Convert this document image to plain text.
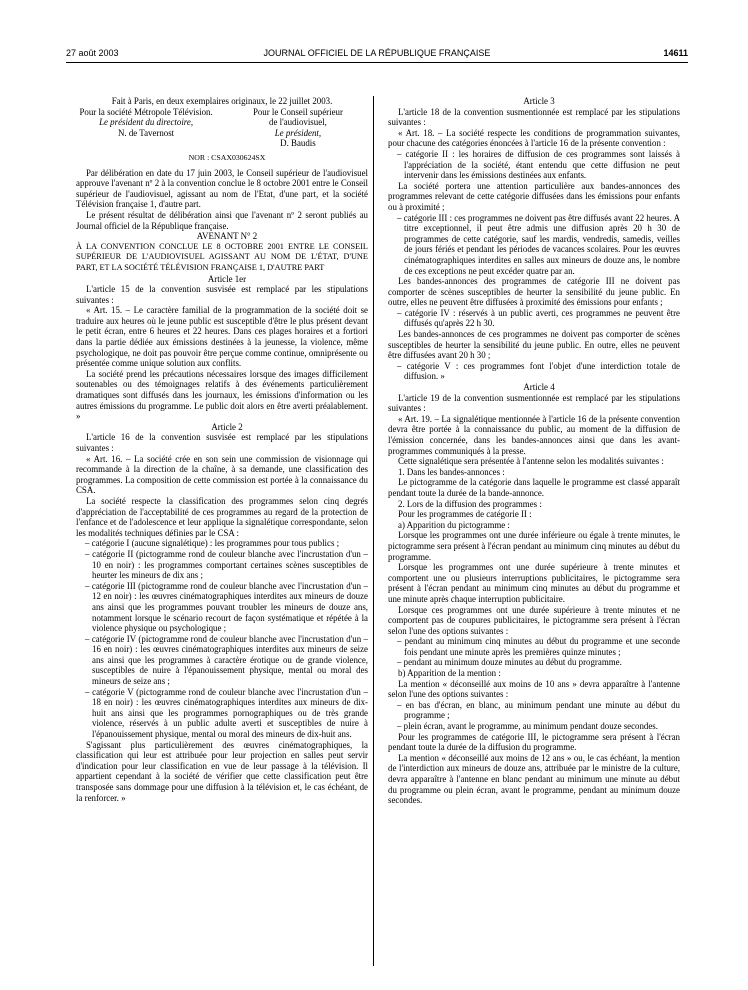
27 août 2003	JOURNAL OFFICIEL DE LA RÉPUBLIQUE FRANÇAISE	14611

Fait à Paris, en deux exemplaires originaux, le 22 juillet 2003.

Pour la société Métropole Télévision.
Le président du directoire,
N. de Tavernost
Pour le Conseil supérieur
de l'audiovisuel,
Le président,
D. Baudis

NOR : CSAX030624SX

Par délibération en date du 17 juin 2003, le Conseil supérieur de l'audiovisuel approuve l'avenant nº 2 à la convention conclue le 8 octobre 2001 entre le Conseil supérieur de l'audiovisuel, agissant au nom de l'Etat, d'une part, et la société Télévision française 1, d'autre part.

Le présent résultat de délibération ainsi que l'avenant nº 2 seront publiés au Journal officiel de la République française.

AVENANT N° 2

À LA CONVENTION CONCLUE LE 8 OCTOBRE 2001 ENTRE LE CONSEIL SUPÉRIEUR DE L'AUDIOVISUEL AGISSANT AU NOM DE L'ÉTAT, D'UNE PART, ET LA SOCIÉTÉ TÉLÉVISION FRANÇAISE 1, D'AUTRE PART

Article 1er

L'article 15 de la convention susvisée est remplacé par les stipulations suivantes :

« Art. 15. – Le caractère familial de la programmation de la société doit se traduire aux heures où le jeune public est susceptible d'être le plus présent devant le petit écran, entre 6 heures et 22 heures. Dans ces plages horaires et a fortiori dans la partie dédiée aux émissions destinées à la jeunesse, la violence, même psychologique, ne doit pas pouvoir être perçue comme continue, omniprésente ou présentée comme unique solution aux conflits.

La société prend les précautions nécessaires lorsque des images difficilement soutenables ou des témoignages relatifs à des événements particulièrement dramatiques sont diffusés dans les journaux, les émissions d'information ou les autres émissions du programme. Le public doit alors en être averti préalablement. »

Article 2

L'article 16 de la convention susvisée est remplacé par les stipulations suivantes :

« Art. 16. – La société crée en son sein une commission de visionnage qui recommande à la direction de la chaîne, à sa demande, une classification des programmes. La composition de cette commission est portée à la connaissance du CSA.

La société respecte la classification des programmes selon cinq degrés d'appréciation de l'acceptabilité de ces programmes au regard de la protection de l'enfance et de l'adolescence et leur applique la signalétique correspondante, selon les modalités techniques définies par le CSA :

– catégorie I (aucune signalétique) : les programmes pour tous publics ;

– catégorie II (pictogramme rond de couleur blanche avec l'incrustation d'un – 10 en noir) : les programmes comportant certaines scènes susceptibles de heurter les mineurs de dix ans ;

– catégorie III (pictogramme rond de couleur blanche avec l'incrustation d'un – 12 en noir) : les œuvres cinématographiques interdites aux mineurs de douze ans ainsi que les programmes pouvant troubler les mineurs de douze ans, notamment lorsque le scénario recourt de façon systématique et répétée à la violence physique ou psychologique ;

– catégorie IV (pictogramme rond de couleur blanche avec l'incrustation d'un – 16 en noir) : les œuvres cinématographiques interdites aux mineurs de seize ans ainsi que les programmes à caractère érotique ou de grande violence, susceptibles de nuire à l'épanouissement physique, mental ou moral des mineurs de seize ans ;

– catégorie V (pictogramme rond de couleur blanche avec l'incrustation d'un – 18 en noir) : les œuvres cinématographiques interdites aux mineurs de dix-huit ans ainsi que les programmes pornographiques ou de très grande violence, réservés à un public adulte averti et susceptibles de nuire à l'épanouissement physique, mental ou moral des mineurs de dix-huit ans.

S'agissant plus particulièrement des œuvres cinématographiques, la classification qui leur est attribuée pour leur projection en salles peut servir d'indication pour leur classification en vue de leur passage à la télévision. Il appartient cependant à la société de vérifier que cette classification peut être transposée sans dommage pour une diffusion à la télévision et, le cas échéant, de la renforcer. »

Article 3

L'article 18 de la convention susmentionnée est remplacé par les stipulations suivantes :

« Art. 18. – La société respecte les conditions de programmation suivantes, pour chacune des catégories énoncées à l'article 16 de la présente convention :

– catégorie II : les horaires de diffusion de ces programmes sont laissés à l'appréciation de la société, étant entendu que cette diffusion ne peut intervenir dans les émissions destinées aux enfants.

La société portera une attention particulière aux bandes-annonces des programmes relevant de cette catégorie diffusées dans les émissions pour enfants ou à proximité ;

– catégorie III : ces programmes ne doivent pas être diffusés avant 22 heures. A titre exceptionnel, il peut être admis une diffusion après 20 h 30 de programmes de cette catégorie, sauf les mardis, vendredis, samedis, veilles de jours fériés et pendant les périodes de vacances scolaires. Pour les œuvres cinématographiques interdites en salles aux mineurs de douze ans, le nombre de ces exceptions ne peut excéder quatre par an.

Les bandes-annonces des programmes de catégorie III ne doivent pas comporter de scènes susceptibles de heurter la sensibilité du jeune public. En outre, elles ne peuvent être diffusées à proximité des émissions pour enfants ;

– catégorie IV : réservés à un public averti, ces programmes ne peuvent être diffusés qu'après 22 h 30.

Les bandes-annonces de ces programmes ne doivent pas comporter de scènes susceptibles de heurter la sensibilité du jeune public. En outre, elles ne peuvent être diffusées avant 20 h 30 ;

– catégorie V : ces programmes font l'objet d'une interdiction totale de diffusion. »

Article 4

L'article 19 de la convention susmentionnée est remplacé par les stipulations suivantes :

« Art. 19. – La signalétique mentionnée à l'article 16 de la présente convention devra être portée à la connaissance du public, au moment de la diffusion de l'émission concernée, dans les bandes-annonces ainsi que dans les avant-programmes communiqués à la presse.

Cette signalétique sera présentée à l'antenne selon les modalités suivantes :

1. Dans les bandes-annonces :

Le pictogramme de la catégorie dans laquelle le programme est classé apparaît pendant toute la durée de la bande-annonce.

2. Lors de la diffusion des programmes :

Pour les programmes de catégorie II :

a) Apparition du pictogramme :

Lorsque les programmes ont une durée inférieure ou égale à trente minutes, le pictogramme sera présent à l'écran pendant au minimum cinq minutes au début du programme.

Lorsque les programmes ont une durée supérieure à trente minutes et comportent une ou plusieurs interruptions publicitaires, le pictogramme sera présent à l'écran pendant au minimum cinq minutes au début du programme et une minute après chaque interruption publicitaire.

Lorsque ces programmes ont une durée supérieure à trente minutes et ne comportent pas de coupures publicitaires, le pictogramme sera présent à l'écran selon l'une des options suivantes :

– pendant au minimum cinq minutes au début du programme et une seconde fois pendant une minute après les premières quinze minutes ;

– pendant au minimum douze minutes au début du programme.

b) Apparition de la mention :

La mention « déconseillé aux moins de 10 ans » devra apparaître à l'antenne selon l'une des options suivantes :

– en bas d'écran, en blanc, au minimum pendant une minute au début du programme ;

– plein écran, avant le programme, au minimum pendant douze secondes.

Pour les programmes de catégorie III, le pictogramme sera présent à l'écran pendant toute la durée de la diffusion du programme.

La mention « déconseillé aux moins de 12 ans » ou, le cas échéant, la mention de l'interdiction aux mineurs de douze ans, attribuée par le ministre de la culture, devra apparaître à l'antenne en blanc pendant au minimum une minute au début du programme ou plein écran, avant le programme, pendant au minimum douze secondes.
